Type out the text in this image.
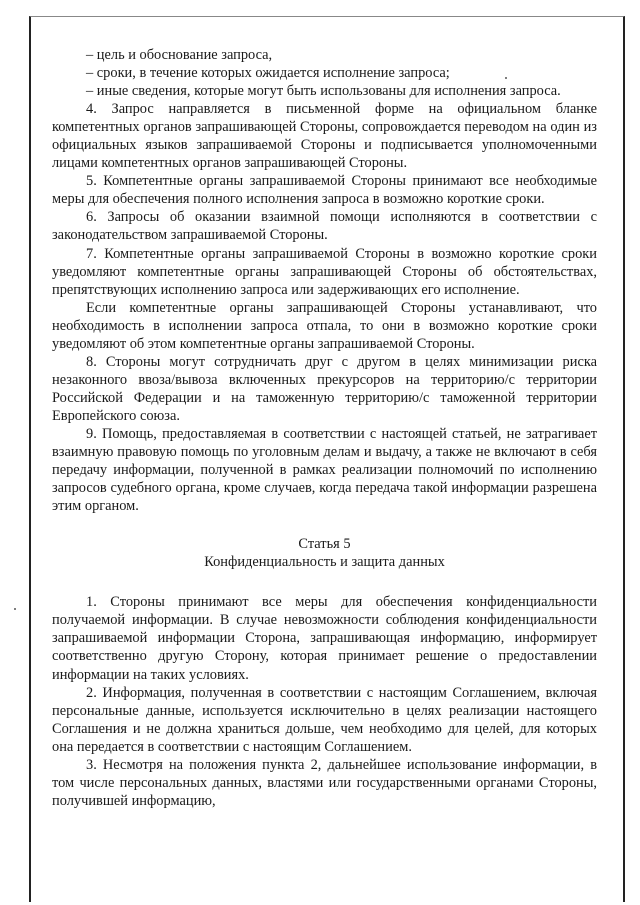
– цель и обоснование запроса,

– сроки, в течение которых ожидается исполнение запроса;

– иные сведения, которые могут быть использованы для исполнения запроса.

4. Запрос направляется в письменной форме на официальном бланке компетентных органов запрашивающей Стороны, сопровождается переводом на один из официальных языков запрашиваемой Стороны и подписывается уполномоченными лицами компетентных органов запрашивающей Стороны.

5. Компетентные органы запрашиваемой Стороны принимают все необходимые меры для обеспечения полного исполнения запроса в возможно короткие сроки.

6. Запросы об оказании взаимной помощи исполняются в соответствии с законодательством запрашиваемой Стороны.

7. Компетентные органы запрашиваемой Стороны в возможно короткие сроки уведомляют компетентные органы запрашивающей Стороны об обстоятельствах, препятствующих исполнению запроса или задерживающих его исполнение.

Если компетентные органы запрашивающей Стороны устанавливают, что необходимость в исполнении запроса отпала, то они в возможно короткие сроки уведомляют об этом компетентные органы запрашиваемой Стороны.

8. Стороны могут сотрудничать друг с другом в целях минимизации риска незаконного ввоза/вывоза включенных прекурсоров на территорию/с территории Российской Федерации и на таможенную территорию/с таможенной территории Европейского союза.

9. Помощь, предоставляемая в соответствии с настоящей статьей, не затрагивает взаимную правовую помощь по уголовным делам и выдачу, а также не включают в себя передачу информации, полученной в рамках реализации полномочий по исполнению запросов судебного органа, кроме случаев, когда передача такой информации разрешена этим органом.

Статья 5

Конфиденциальность и защита данных

1. Стороны принимают все меры для обеспечения конфиденциальности получаемой информации. В случае невозможности соблюдения конфиденциальности запрашиваемой информации Сторона, запрашивающая информацию, информирует соответственно другую Сторону, которая принимает решение о предоставлении информации на таких условиях.

2. Информация, полученная в соответствии с настоящим Соглашением, включая персональные данные, используется исключительно в целях реализации настоящего Соглашения и не должна храниться дольше, чем необходимо для целей, для которых она передается в соответствии с настоящим Соглашением.

3. Несмотря на положения пункта 2, дальнейшее использование информации, в том числе персональных данных, властями или государственными органами Стороны, получившей информацию,
